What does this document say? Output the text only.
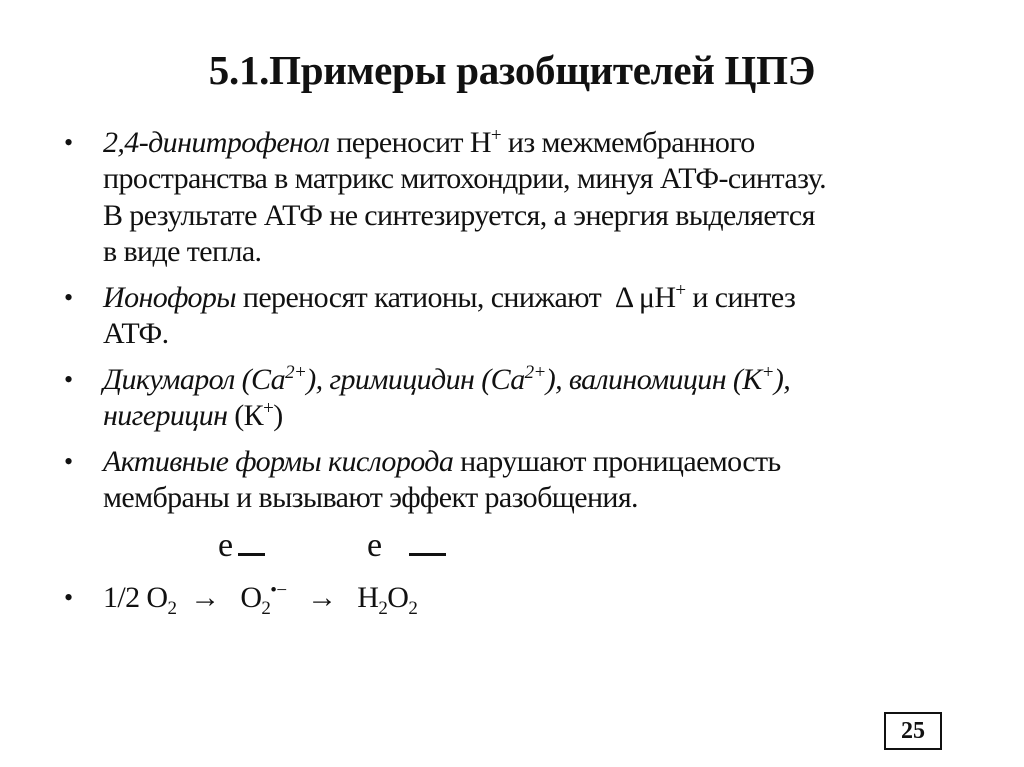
5.1.Примеры разобщителей ЦПЭ
• 2,4-динитрофенол переносит Н+ из межмембранного
пространства в матрикс митохондрии, минуя АТФ-синтазу.
В результате АТФ не синтезируется, а энергия выделяется
в виде тепла.
• Ионофоры переносят катионы, снижают  Δ μН+ и синтез
АТФ.
• Дикумарол $(Са^{2+})$, гримицидин $(Са^{2+})$, валиномицин (К+),
нигерицин (К+)
• Активные формы кислорода нарушают проницаемость
мембраны и вызывают эффект разобщения.
• 1/2 $О_2 \to О_2^{•-} \to Н_2О_2$
e	e
25
